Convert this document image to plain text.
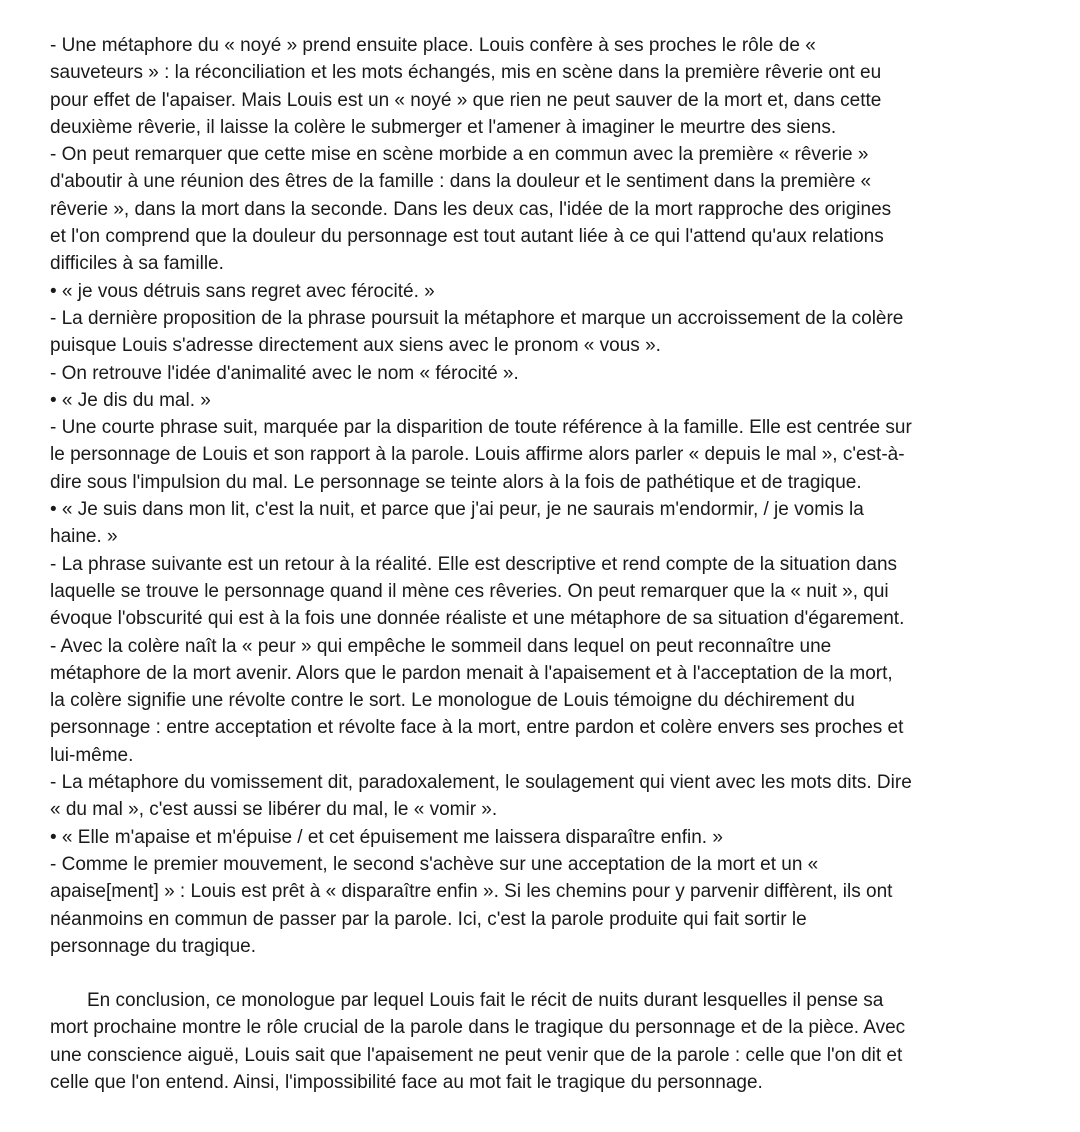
- Une métaphore du « noyé » prend ensuite place. Louis confère à ses proches le rôle de «
sauveteurs » : la réconciliation et les mots échangés, mis en scène dans la première rêverie ont eu
pour effet de l'apaiser. Mais Louis est un « noyé » que rien ne peut sauver de la mort et, dans cette
deuxième rêverie, il laisse la colère le submerger et l'amener à imaginer le meurtre des siens.
- On peut remarquer que cette mise en scène morbide a en commun avec la première « rêverie »
d'aboutir à une réunion des êtres de la famille : dans la douleur et le sentiment dans la première «
rêverie », dans la mort dans la seconde. Dans les deux cas, l'idée de la mort rapproche des origines
et l'on comprend que la douleur du personnage est tout autant liée à ce qui l'attend qu'aux relations
difficiles à sa famille.
• « je vous détruis sans regret avec férocité. »
- La dernière proposition de la phrase poursuit la métaphore et marque un accroissement de la colère
puisque Louis s'adresse directement aux siens avec le pronom « vous ».
- On retrouve l'idée d'animalité avec le nom « férocité ».
• « Je dis du mal. »
- Une courte phrase suit, marquée par la disparition de toute référence à la famille. Elle est centrée sur
le personnage de Louis et son rapport à la parole. Louis affirme alors parler « depuis le mal », c'est-à-
dire sous l'impulsion du mal. Le personnage se teinte alors à la fois de pathétique et de tragique.
• « Je suis dans mon lit, c'est la nuit, et parce que j'ai peur, je ne saurais m'endormir, / je vomis la
haine. »
- La phrase suivante est un retour à la réalité. Elle est descriptive et rend compte de la situation dans
laquelle se trouve le personnage quand il mène ces rêveries. On peut remarquer que la « nuit », qui
évoque l'obscurité qui est à la fois une donnée réaliste et une métaphore de sa situation d'égarement.
- Avec la colère naît la « peur » qui empêche le sommeil dans lequel on peut reconnaître une
métaphore de la mort avenir. Alors que le pardon menait à l'apaisement et à l'acceptation de la mort,
la colère signifie une révolte contre le sort. Le monologue de Louis témoigne du déchirement du
personnage : entre acceptation et révolte face à la mort, entre pardon et colère envers ses proches et
lui-même.
- La métaphore du vomissement dit, paradoxalement, le soulagement qui vient avec les mots dits. Dire
« du mal », c'est aussi se libérer du mal, le « vomir ».
• « Elle m'apaise et m'épuise / et cet épuisement me laissera disparaître enfin. »
- Comme le premier mouvement, le second s'achève sur une acceptation de la mort et un «
apaise[ment] » : Louis est prêt à « disparaître enfin ». Si les chemins pour y parvenir diffèrent, ils ont
néanmoins en commun de passer par la parole. Ici, c'est la parole produite qui fait sortir le
personnage du tragique.
En conclusion, ce monologue par lequel Louis fait le récit de nuits durant lesquelles il pense sa
mort prochaine montre le rôle crucial de la parole dans le tragique du personnage et de la pièce. Avec
une conscience aiguë, Louis sait que l'apaisement ne peut venir que de la parole : celle que l'on dit et
celle que l'on entend. Ainsi, l'impossibilité face au mot fait le tragique du personnage.
